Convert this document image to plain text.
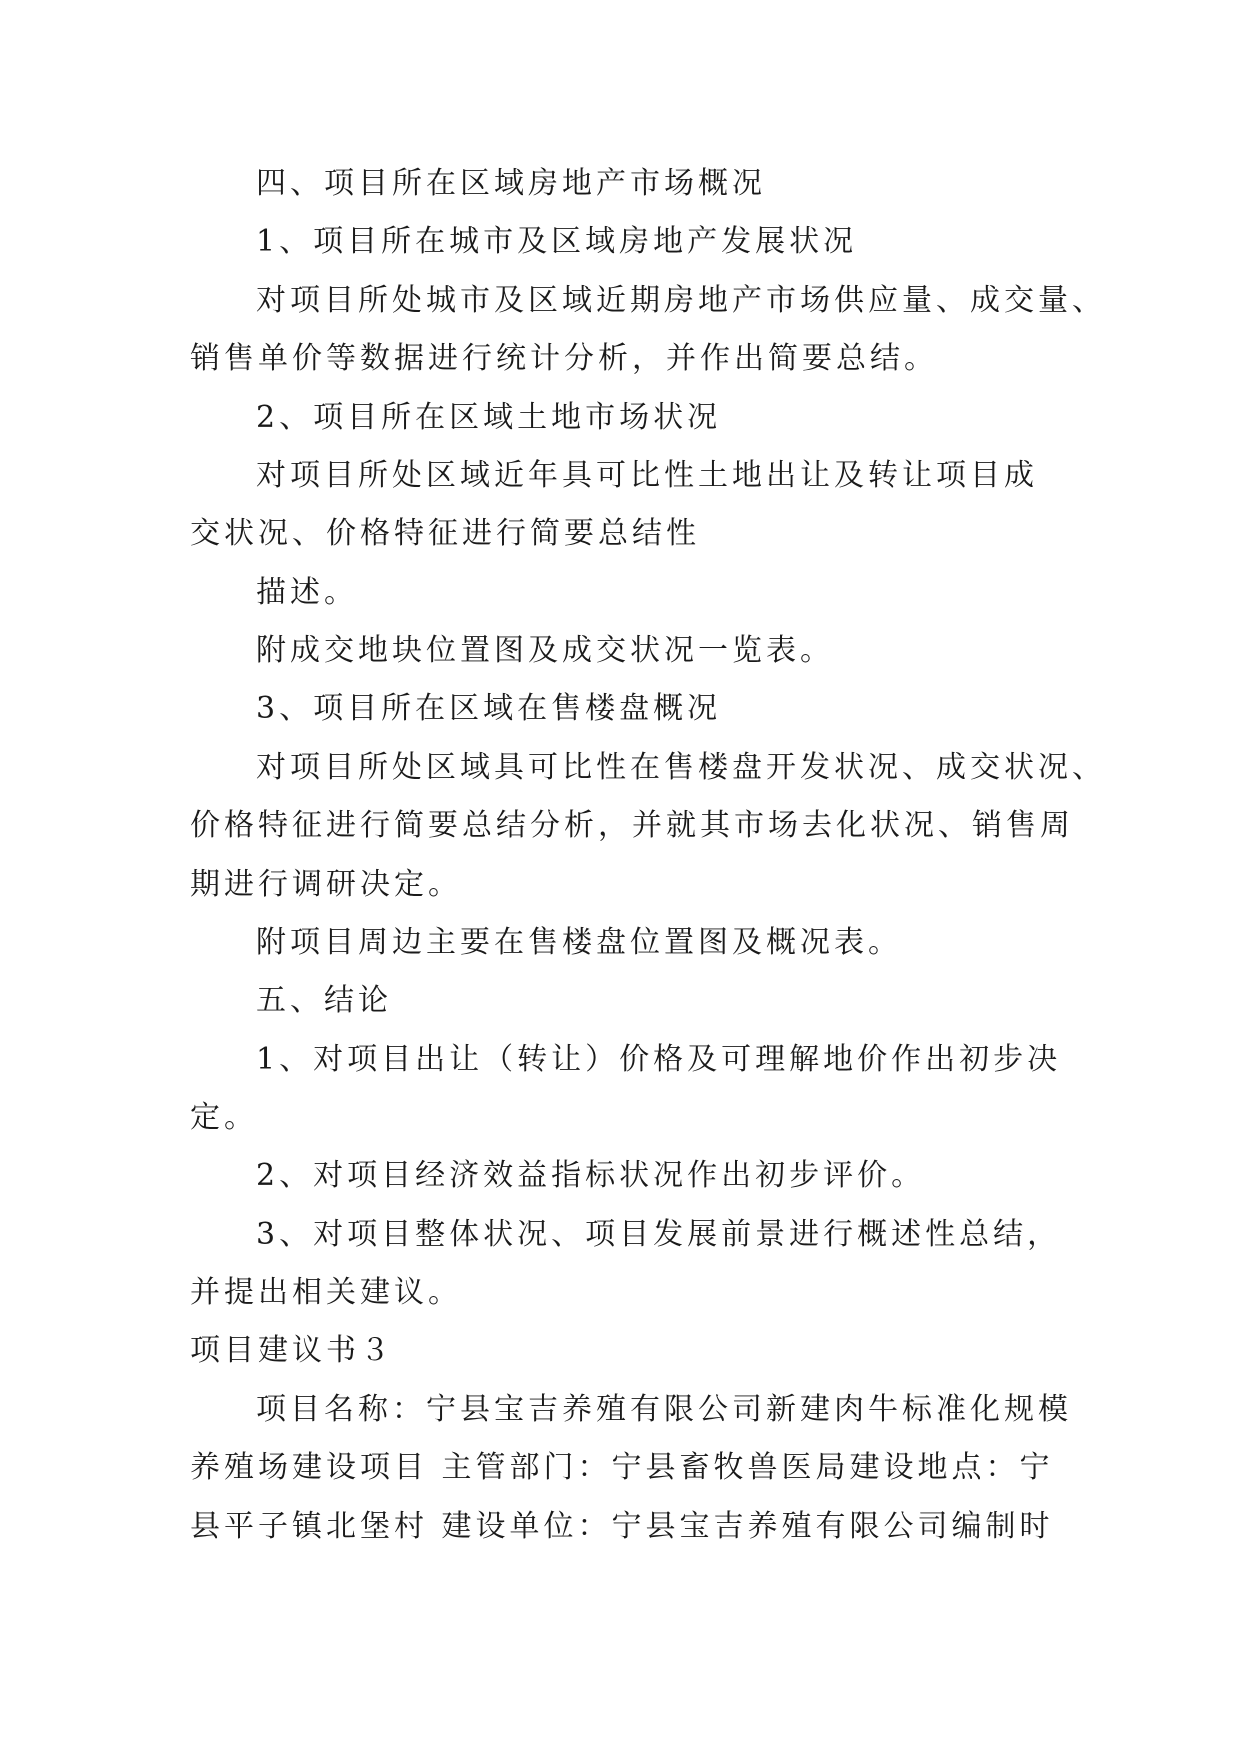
四、项目所在区域房地产市场概况
1、项目所在城市及区域房地产发展状况
对项目所处城市及区域近期房地产市场供应量、成交量、
销售单价等数据进行统计分析，并作出简要总结。
2、项目所在区域土地市场状况
对项目所处区域近年具可比性土地出让及转让项目成
交状况、价格特征进行简要总结性
描述。
附成交地块位置图及成交状况一览表。
3、项目所在区域在售楼盘概况
对项目所处区域具可比性在售楼盘开发状况、成交状况、
价格特征进行简要总结分析，并就其市场去化状况、销售周
期进行调研决定。
附项目周边主要在售楼盘位置图及概况表。
五、结论
1、对项目出让（转让）价格及可理解地价作出初步决
定。
2、对项目经济效益指标状况作出初步评价。
3、对项目整体状况、项目发展前景进行概述性总结，
并提出相关建议。
项目建议书３
项目名称：宁县宝吉养殖有限公司新建肉牛标准化规模
养殖场建设项目 主管部门：宁县畜牧兽医局建设地点：宁
县平子镇北堡村 建设单位：宁县宝吉养殖有限公司编制时
